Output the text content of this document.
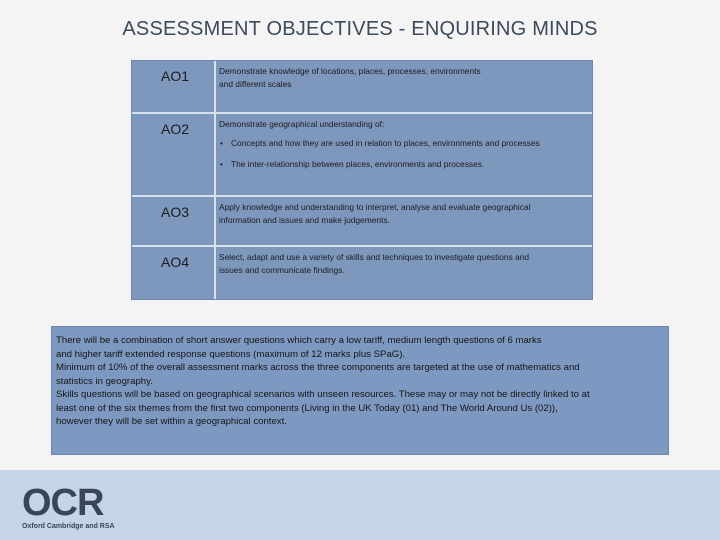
ASSESSMENT OBJECTIVES - ENQUIRING MINDS
AO1	Demonstrate knowledge of locations, places, processes, environments
and different scales
AO2	Demonstrate geographical understanding of:
• Concepts and how they are used in relation to places, environments and processes
• The inter-relationship between places, environments and processes.
AO3	Apply knowledge and understanding to interpret, analyse and evaluate geographical
information and issues and make judgements.
AO4	Select, adapt and use a variety of skills and techniques to investigate questions and
issues and communicate findings.

There will be a combination of short answer questions which carry a low tariff, medium length questions of 6 marks

and higher tariff extended response questions (maximum of 12 marks plus SPaG).

Minimum of 10% of the overall assessment marks across the three components are targeted at the use of mathematics and

statistics in geography.

Skills questions will be based on geographical scenarios with unseen resources. These may or may not be directly linked to at

least one of the six themes from the first two components (Living in the UK Today (01) and The World Around Us (02)),

however they will be set within a geographical context.

OCR
Oxford Cambridge and RSA
